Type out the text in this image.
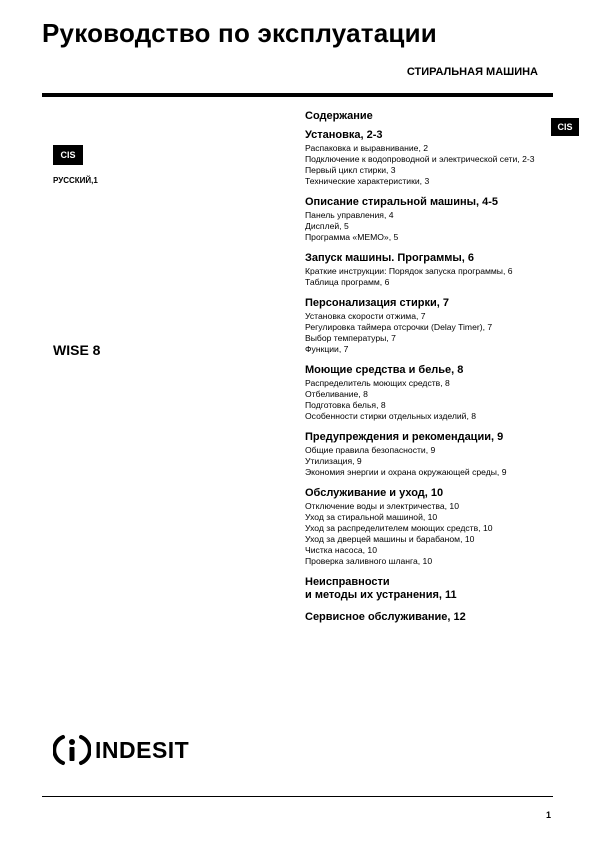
Руководство по эксплуатации
СТИРАЛЬНАЯ МАШИНА
CIS
CIS
РУССКИЙ,1
WISE 8
Содержание
Установка, 2-3
Распаковка и выравнивание, 2
Подключение к водопроводной и электрической сети, 2-3
Первый цикл стирки, 3
Технические характеристики, 3
Описание стиральной машины, 4-5
Панель управления, 4
Дисплей, 5
Программа «MEMO», 5
Запуск машины. Программы, 6
Краткие инструкции: Порядок запуска программы, 6
Таблица программ, 6
Персонализация стирки, 7
Установка скорости отжима, 7
Регулировка таймера отсрочки (Delay Timer), 7
Выбор температуры, 7
Функции, 7
Моющие средства и белье, 8
Распределитель моющих средств, 8
Отбеливание, 8
Подготовка белья, 8
Особенности стирки отдельных изделий, 8
Предупреждения и рекомендации, 9
Общие правила безопасности, 9
Утилизация, 9
Экономия энергии и охрана окружающей среды, 9
Обслуживание и уход, 10
Отключение воды и электричества, 10
Уход за стиральной машиной, 10
Уход за распределителем моющих средств, 10
Уход за дверцей машины и барабаном, 10
Чистка насоса, 10
Проверка заливного шланга, 10
Неисправности
и методы их устранения, 11
Сервисное обслуживание, 12
INDESIT
1
